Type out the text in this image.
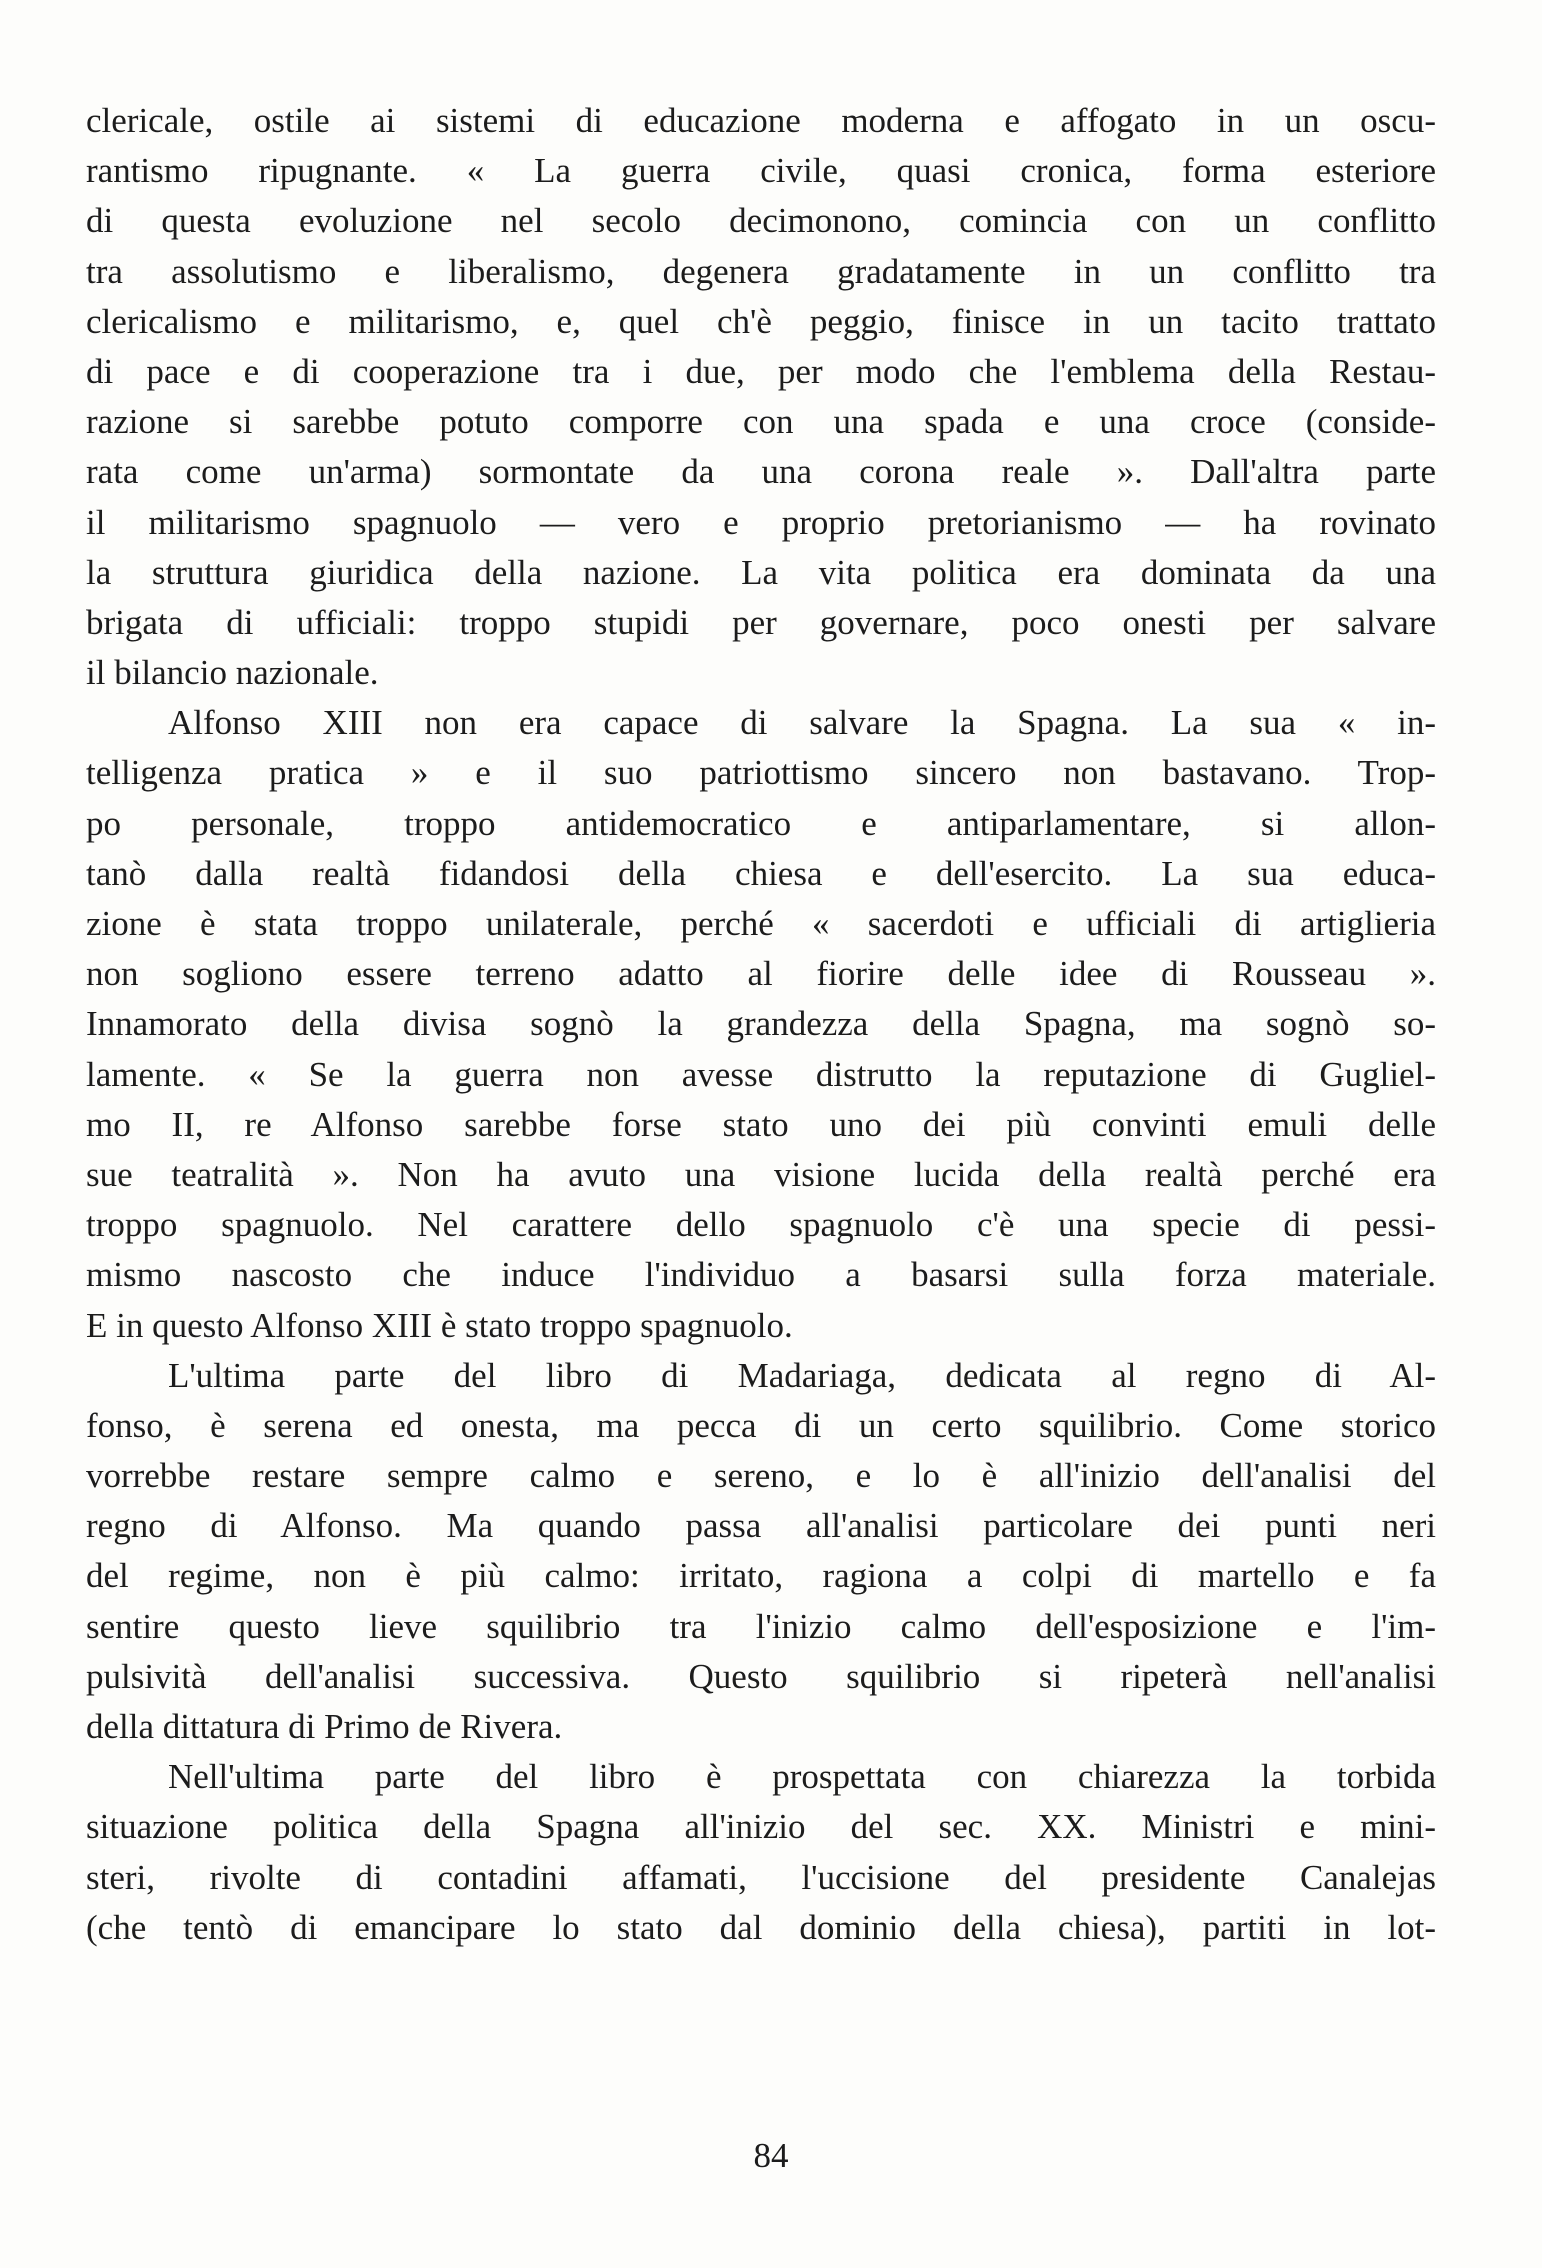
clericale, ostile ai sistemi di educazione moderna e affogato in un oscu-
rantismo ripugnante. « La guerra civile, quasi cronica, forma esteriore
di questa evoluzione nel secolo decimonono, comincia con un conflitto
tra assolutismo e liberalismo, degenera gradatamente in un conflitto tra
clericalismo e militarismo, e, quel ch'è peggio, finisce in un tacito trattato
di pace e di cooperazione tra i due, per modo che l'emblema della Restau-
razione si sarebbe potuto comporre con una spada e una croce (conside-
rata come un'arma) sormontate da una corona reale ». Dall'altra parte
il militarismo spagnuolo — vero e proprio pretorianismo — ha rovinato
la struttura giuridica della nazione. La vita politica era dominata da una
brigata di ufficiali: troppo stupidi per governare, poco onesti per salvare
il bilancio nazionale.
Alfonso XIII non era capace di salvare la Spagna. La sua « in-
telligenza pratica » e il suo patriottismo sincero non bastavano. Trop-
po personale, troppo antidemocratico e antiparlamentare, si allon-
tanò dalla realtà fidandosi della chiesa e dell'esercito. La sua educa-
zione è stata troppo unilaterale, perché « sacerdoti e ufficiali di artiglieria
non sogliono essere terreno adatto al fiorire delle idee di Rousseau ».
Innamorato della divisa sognò la grandezza della Spagna, ma sognò so-
lamente. « Se la guerra non avesse distrutto la reputazione di Gugliel-
mo II, re Alfonso sarebbe forse stato uno dei più convinti emuli delle
sue teatralità ». Non ha avuto una visione lucida della realtà perché era
troppo spagnuolo. Nel carattere dello spagnuolo c'è una specie di pessi-
mismo nascosto che induce l'individuo a basarsi sulla forza materiale.
E in questo Alfonso XIII è stato troppo spagnuolo.
L'ultima parte del libro di Madariaga, dedicata al regno di Al-
fonso, è serena ed onesta, ma pecca di un certo squilibrio. Come storico
vorrebbe restare sempre calmo e sereno, e lo è all'inizio dell'analisi del
regno di Alfonso. Ma quando passa all'analisi particolare dei punti neri
del regime, non è più calmo: irritato, ragiona a colpi di martello e fa
sentire questo lieve squilibrio tra l'inizio calmo dell'esposizione e l'im-
pulsività dell'analisi successiva. Questo squilibrio si ripeterà nell'analisi
della dittatura di Primo de Rivera.
Nell'ultima parte del libro è prospettata con chiarezza la torbida
situazione politica della Spagna all'inizio del sec. XX. Ministri e mini-
steri, rivolte di contadini affamati, l'uccisione del presidente Canalejas
(che tentò di emancipare lo stato dal dominio della chiesa), partiti in lot-
84
